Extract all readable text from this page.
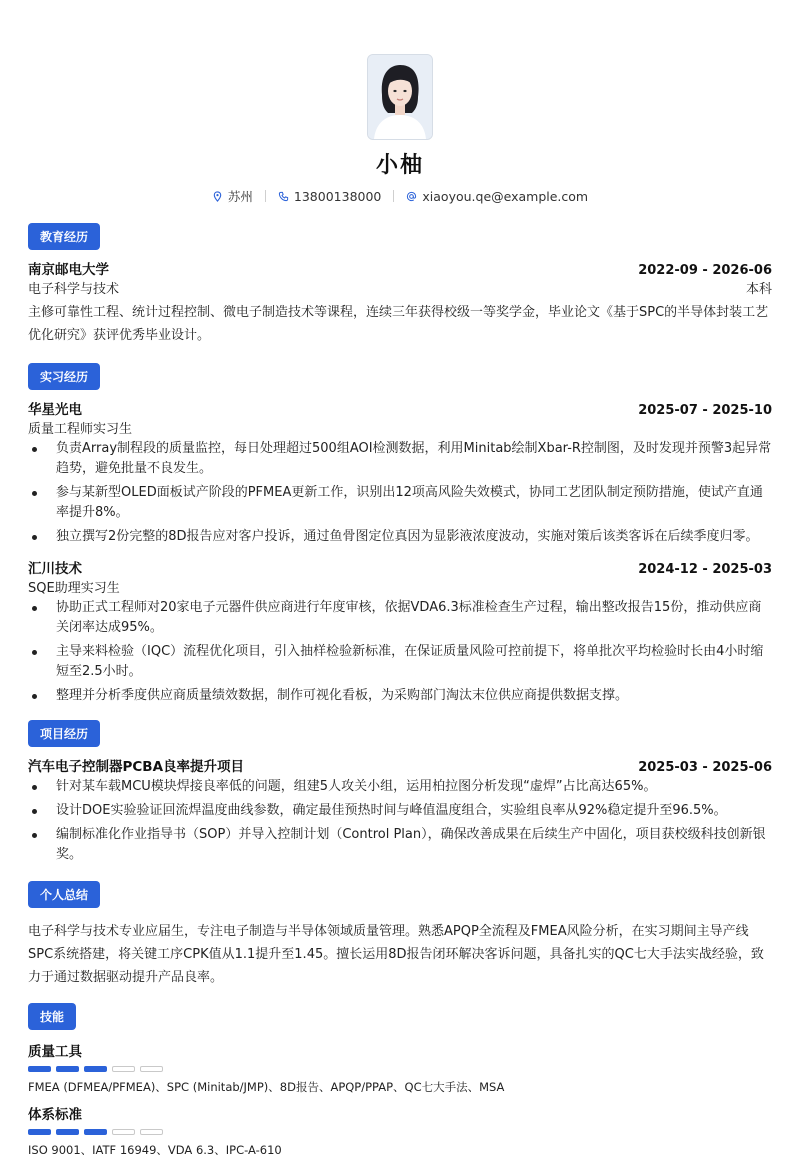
小柚
苏州	13800138000	xiaoyou.qe@example.com
教育经历
南京邮电大学	2022-09 - 2026-06
电子科学与技术	本科
主修可靠性工程、统计过程控制、微电子制造技术等课程，连续三年获得校级一等奖学金，毕业论文《基于SPC的半导体封装工艺优化研究》获评优秀毕业设计。
实习经历
华星光电	2025-07 - 2025-10
质量工程师实习生
负责Array制程段的质量监控，每日处理超过500组AOI检测数据，利用Minitab绘制Xbar-R控制图，及时发现并预警3起异常趋势，避免批量不良发生。
参与某新型OLED面板试产阶段的PFMEA更新工作，识别出12项高风险失效模式，协同工艺团队制定预防措施，使试产直通率提升8%。
独立撰写2份完整的8D报告应对客户投诉，通过鱼骨图定位真因为显影液浓度波动，实施对策后该类客诉在后续季度归零。
汇川技术	2024-12 - 2025-03
SQE助理实习生
协助正式工程师对20家电子元器件供应商进行年度审核，依据VDA6.3标准检查生产过程，输出整改报告15份，推动供应商关闭率达成95%。
主导来料检验（IQC）流程优化项目，引入抽样检验新标准，在保证质量风险可控前提下，将单批次平均检验时长由4小时缩短至2.5小时。
整理并分析季度供应商质量绩效数据，制作可视化看板，为采购部门淘汰末位供应商提供数据支撑。
项目经历
汽车电子控制器PCBA良率提升项目	2025-03 - 2025-06
针对某车载MCU模块焊接良率低的问题，组建5人攻关小组，运用柏拉图分析发现“虚焊”占比高达65%。
设计DOE实验验证回流焊温度曲线参数，确定最佳预热时间与峰值温度组合，实验组良率从92%稳定提升至96.5%。
编制标准化作业指导书（SOP）并导入控制计划（Control Plan），确保改善成果在后续生产中固化，项目获校级科技创新银奖。
个人总结
电子科学与技术专业应届生，专注电子制造与半导体领域质量管理。熟悉APQP全流程及FMEA风险分析，在实习期间主导产线SPC系统搭建，将关键工序CPK值从1.1提升至1.45。擅长运用8D报告闭环解决客诉问题，具备扎实的QC七大手法实战经验，致力于通过数据驱动提升产品良率。
技能
质量工具
FMEA (DFMEA/PFMEA)、SPC (Minitab/JMP)、8D报告、APQP/PPAP、QC七大手法、MSA
体系标准
ISO 9001、IATF 16949、VDA 6.3、IPC-A-610
